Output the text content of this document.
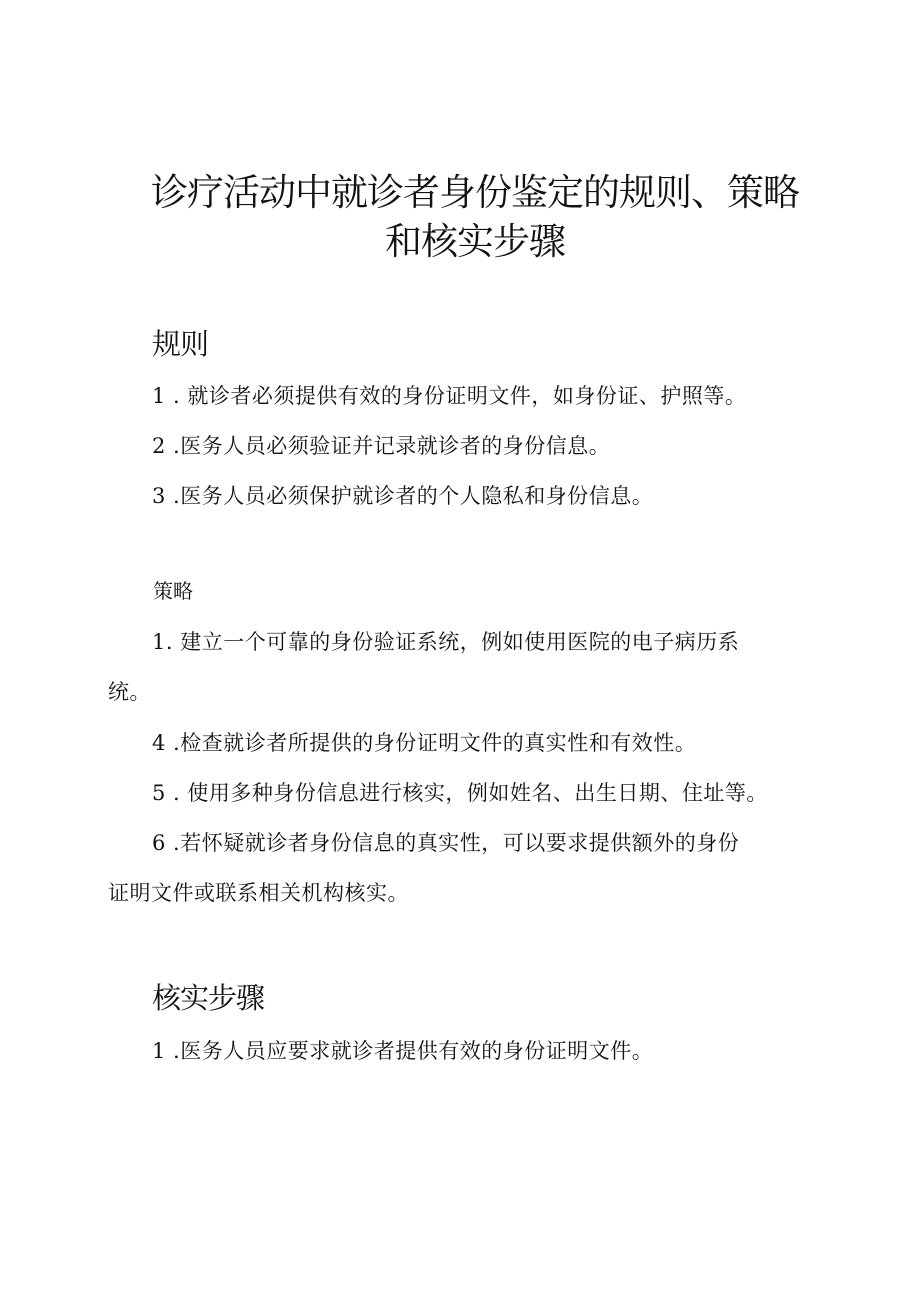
诊疗活动中就诊者身份鉴定的规则、策略
和核实步骤
规则

1 . 就诊者必须提供有效的身份证明文件，如身份证、护照等。

2 .医务人员必须验证并记录就诊者的身份信息。

3 .医务人员必须保护就诊者的个人隐私和身份信息。

策略

1. 建立一个可靠的身份验证系统，例如使用医院的电子病历系

统。

4 .检查就诊者所提供的身份证明文件的真实性和有效性。

5 . 使用多种身份信息进行核实，例如姓名、出生日期、住址等。

6 .若怀疑就诊者身份信息的真实性，可以要求提供额外的身份

证明文件或联系相关机构核实。

核实步骤

1 .医务人员应要求就诊者提供有效的身份证明文件。
